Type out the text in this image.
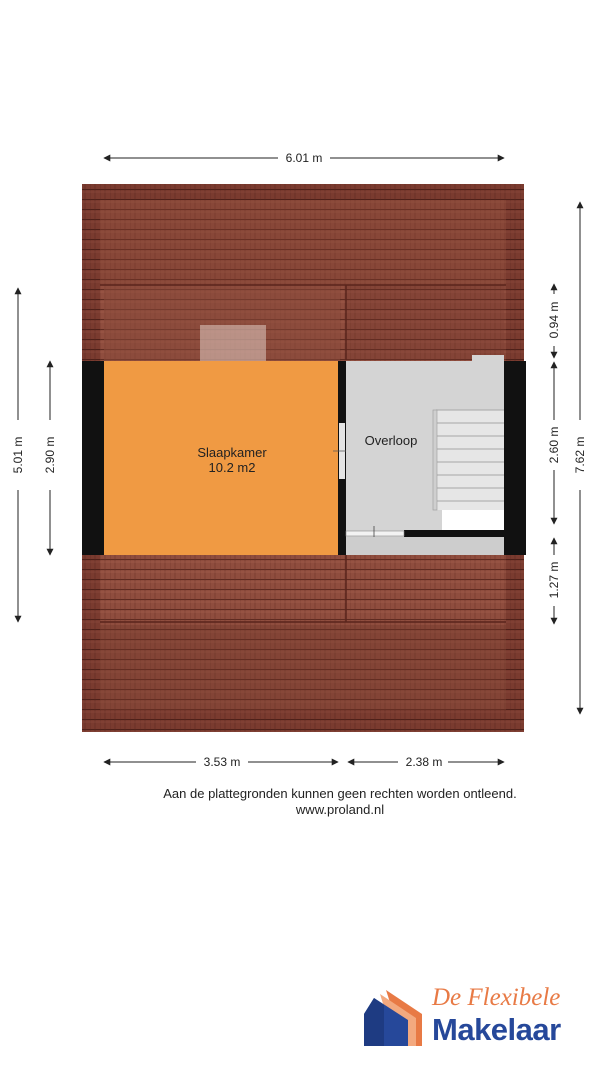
Slaapkamer
10.2 m2
Overloop
6.01 m
3.53 m	2.38 m
5.01 m 2.90 m	7.62 m
0.94 m
2.60 m
1.27 m
Aan de plattegronden kunnen geen rechten worden ontleend.
www.proland.nl
De Flexibele
Makelaar
